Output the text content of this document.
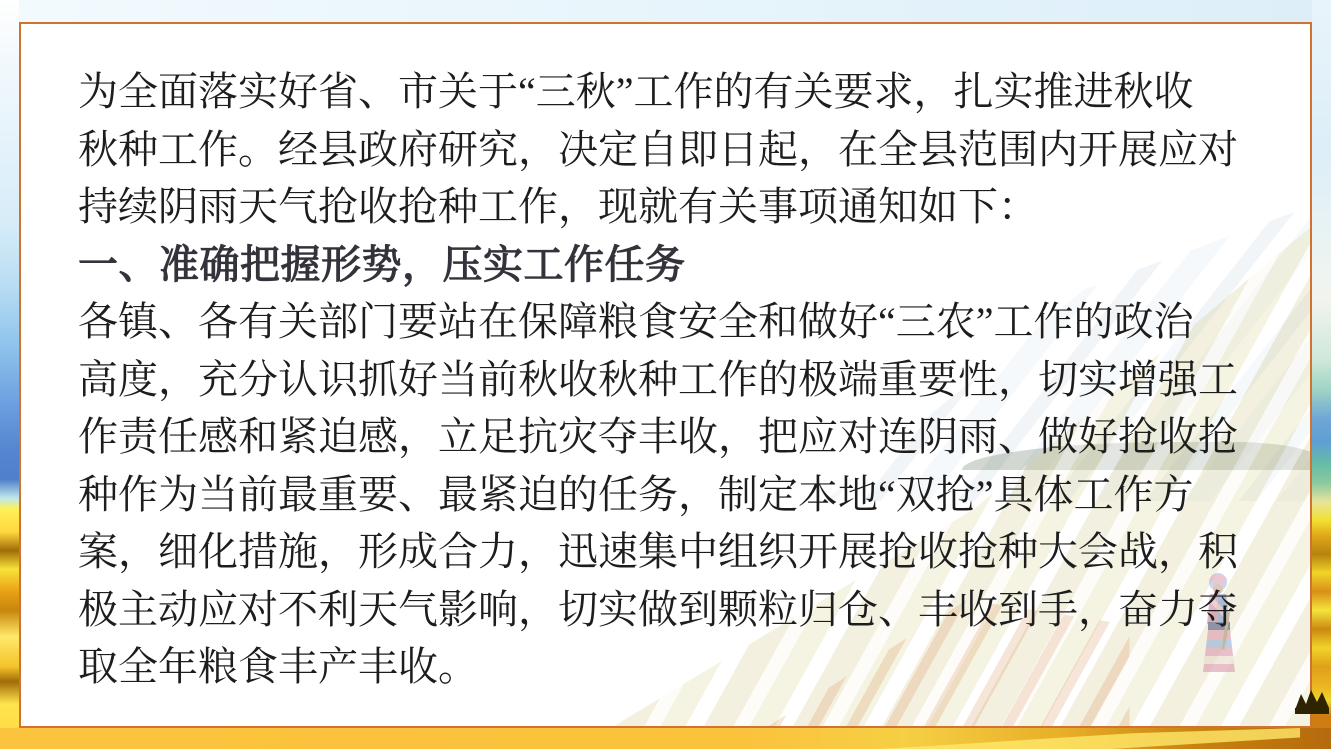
为全面落实好省、市关于“三秋”工作的有关要求，扎实推进秋收
秋种工作。经县政府研究，决定自即日起，在全县范围内开展应对
持续阴雨天气抢收抢种工作，现就有关事项通知如下：
一、准确把握形势，压实工作任务
各镇、各有关部门要站在保障粮食安全和做好“三农”工作的政治
高度，充分认识抓好当前秋收秋种工作的极端重要性，切实增强工
作责任感和紧迫感，立足抗灾夺丰收，把应对连阴雨、做好抢收抢
种作为当前最重要、最紧迫的任务，制定本地“双抢”具体工作方
案，细化措施，形成合力，迅速集中组织开展抢收抢种大会战，积
极主动应对不利天气影响，切实做到颗粒归仓、丰收到手，奋力夺
取全年粮食丰产丰收。
